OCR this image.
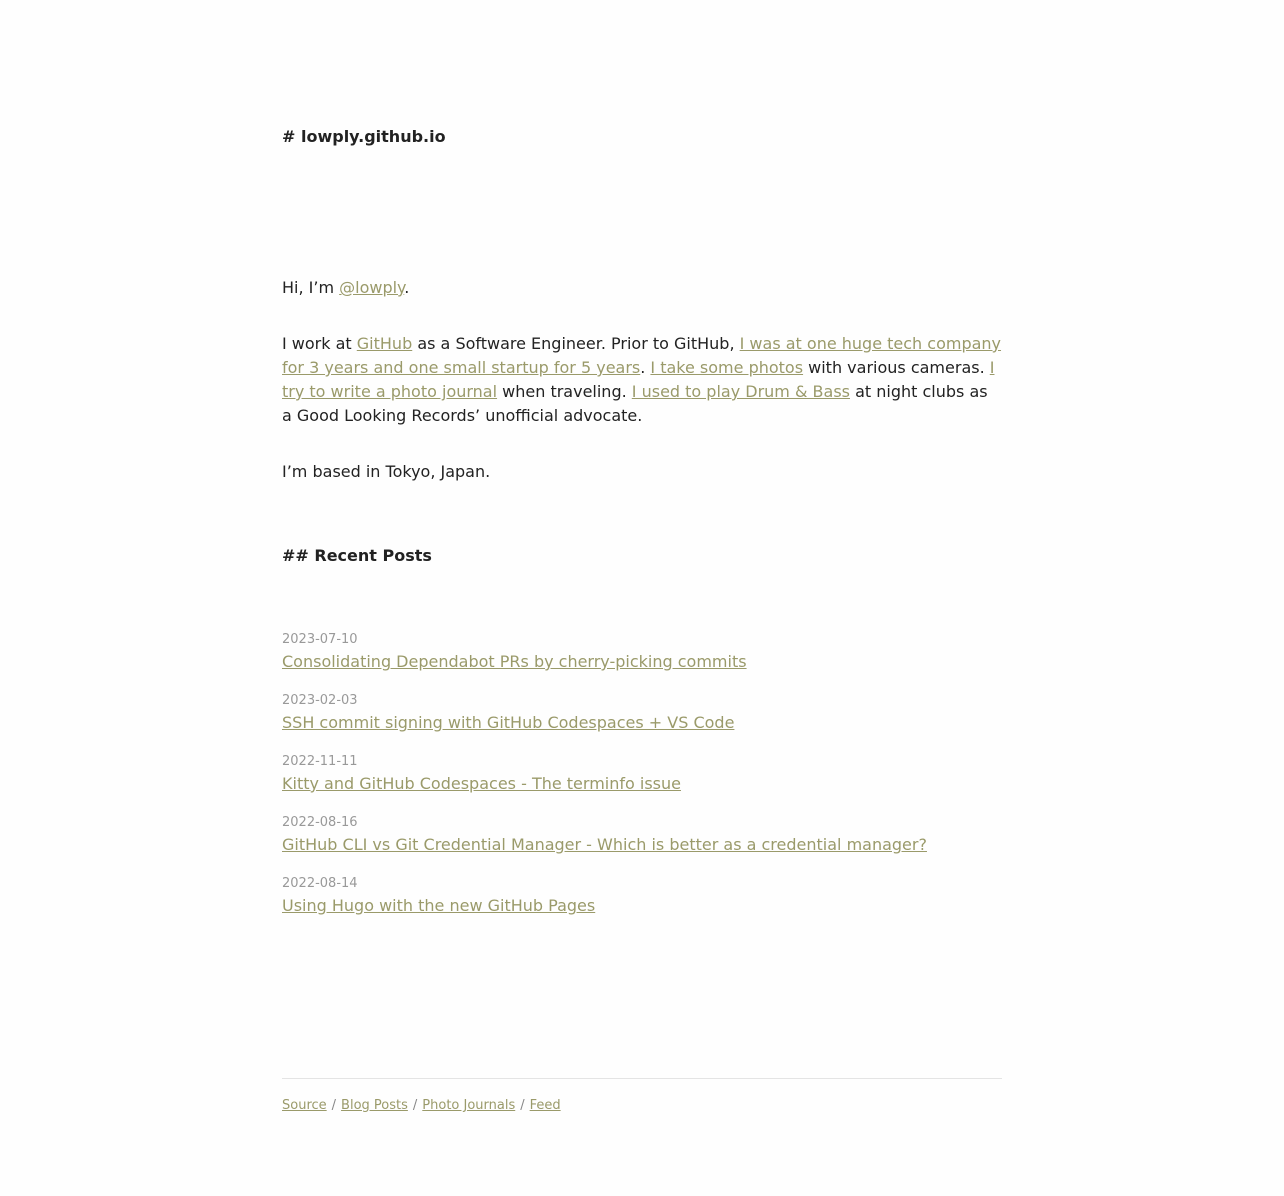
# lowply.github.io

Hi, I’m @lowply.

I work at GitHub as a Software Engineer. Prior to GitHub, I was at one huge tech company for 3 years and one small startup for 5 years. I take some photos with various cameras. I try to write a photo journal when traveling. I used to play Drum & Bass at night clubs as a Good Looking Records’ unofficial advocate.

I’m based in Tokyo, Japan.

## Recent Posts
2023-07-10
Consolidating Dependabot PRs by cherry-picking commits
2023-02-03
SSH commit signing with GitHub Codespaces + VS Code
2022-11-11
Kitty and GitHub Codespaces - The terminfo issue
2022-08-16
GitHub CLI vs Git Credential Manager - Which is better as a credential manager?
2022-08-14
Using Hugo with the new GitHub Pages
Source / Blog Posts / Photo Journals / Feed
